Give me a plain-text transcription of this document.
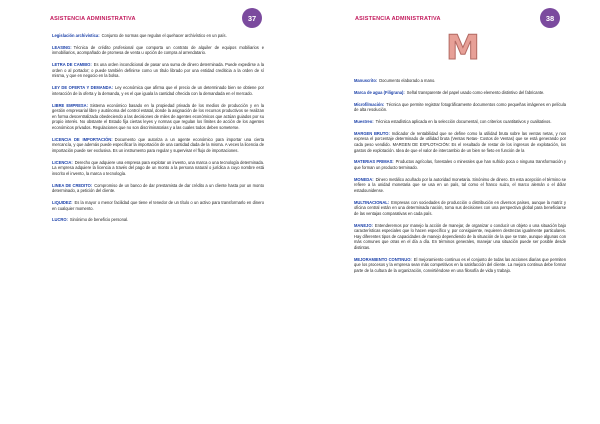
ASISTENCIA ADMINISTRATIVA	37

Legislación archivística: Conjunto de normas que regulan el quehacer archivístico en un país.

LEASING: Técnica de crédito profesional que comporta un contrato de alquiler de equipos mobiliarios e inmobiliarios, acompañado de promesa de venta u opción de compra al arrendatario.

LETRA DE CAMBIO: Es una orden incondicional de pasar una suma de dinero determinada. Puede expedirse a la orden o al portador; o puede también definirse como un título librado por una entidad crediticia a la orden de sí misma, y que en negocio en la bolsa.

LEY DE OFERTA Y DEMANDA: Ley económica que afirma que el precio de un determinado bien se obtiene por interacción de la oferta y la demanda, y es el que iguala la cantidad ofrecida con la demandada en el mercado.

LIBRE EMPRESA: Sistema económico basado en la propiedad privada de los medios de producción y en la gestión empresarial libre y autónoma del control estatal, donde la asignación de los recursos productivos se realizan en forma descentralizada obedeciendo a las decisiones de miles de agentes económicos que actúan guiados por su propio interés. No obstante el Estado fija ciertas leyes y normas que regulan los límites de acción de los agentes económicos privados. Regulaciones que no son discriminatorias y a las cuales todos deben someterse.

LICENCIA DE IMPORTACIÓN: Documento que autoriza a un agente económico para importar una cierta mercancía, y que además puede especificar la importación de una cantidad dada de la misma. A veces la licencia de importación puede ser exclusiva. Es un instrumento para regular y supervisar el flujo de importaciones.

LICENCIA: Derecho que adquiere una empresa para explotar un invento, una marca o una tecnología determinada. La empresa adquiere la licencia a través del pago de un monto a la persona natural o jurídica a cuyo nombre está inscrito el invento, la marca o tecnología.

LINEA DE CREDITO: Compromiso de un banco de dar prestamista de dar crédito a un cliente hasta por un monto determinado, a petición del cliente.

LIQUIDEZ: Es la mayor o menor facilidad que tiene el tenedor de un título o un activo para transformarlo en dinero en cualquier momento.

LUCRO: Sinónimo de beneficio personal.

ASISTENCIA ADMINISTRATIVA	38
M

Manuscrito: Documento elaborado a mano.

Marca de agua (Filigrana): Señal transparente del papel usado como elemento distintivo del fabricante.

Microfilmación: Técnica que permite registrar fotográficamente documentos como pequeñas imágenes en película de alta resolución.

Muestreo: Técnica estadística aplicada en la selección documental, con criterios cuantitativos y cualitativos.

MARGEN BRUTO: Indicador de rentabilidad que se define como la utilidad bruta sobre las ventas netas, y nos expresa el porcentaje determinado de utilidad bruta (Ventas Netas- Costos de Ventas) que se está generando por cada peso vendido. MARGEN DE EXPLOTACIÓN: Es el resultado de restar de los ingresos de explotación, los gastos de explotación. Idea de que el valor de intercambio de un bien se fieto en función de la

MATERIAS PRIMAS: Productos agrícolas, forestales o minerales que han sufrido poca o ninguna transformación y que forman un producto terminado.

MONEDA: Dinero metálico acuñado por la autoridad monetaria. Sinónimo de dinero. En esta acepción el término se refiere a la unidad monetaria que se usa en un país, tal como el franco suizo, el marco alemán o el dólar estadounidense.

MULTINACIONAL: Empresas con sociedades de producción o distribución en diversos países, aunque la matriz y oficina central están en una determinada nación, toma sus decisiones con una perspectiva global para beneficiarse de las ventajas comparativas en cada país.

MANEJO: Entenderemos por manejo la acción de manejar, de organizar o conducir un objeto o una situación bajo características especiales que lo hacen específico y, por consiguiente, requieren destrezas igualmente particulares. Hay diferentes tipos de capacidades de manejo dependiendo de la situación de la que se trate, aunque algunas con más comunes que otras en el día a día. En términos generales, manejar una situación puede ser posible desde distintas.

MEJORAMIENTO CONTINUO: El mejoramiento continuo es el conjunto de todas las acciones diarias que permiten que los procesos y la empresa sean más competitivos en la satisfacción del cliente. La mejora continua debe formar parte de la cultura de la organización, convirtiéndose en una filosofía de vida y trabajo.
